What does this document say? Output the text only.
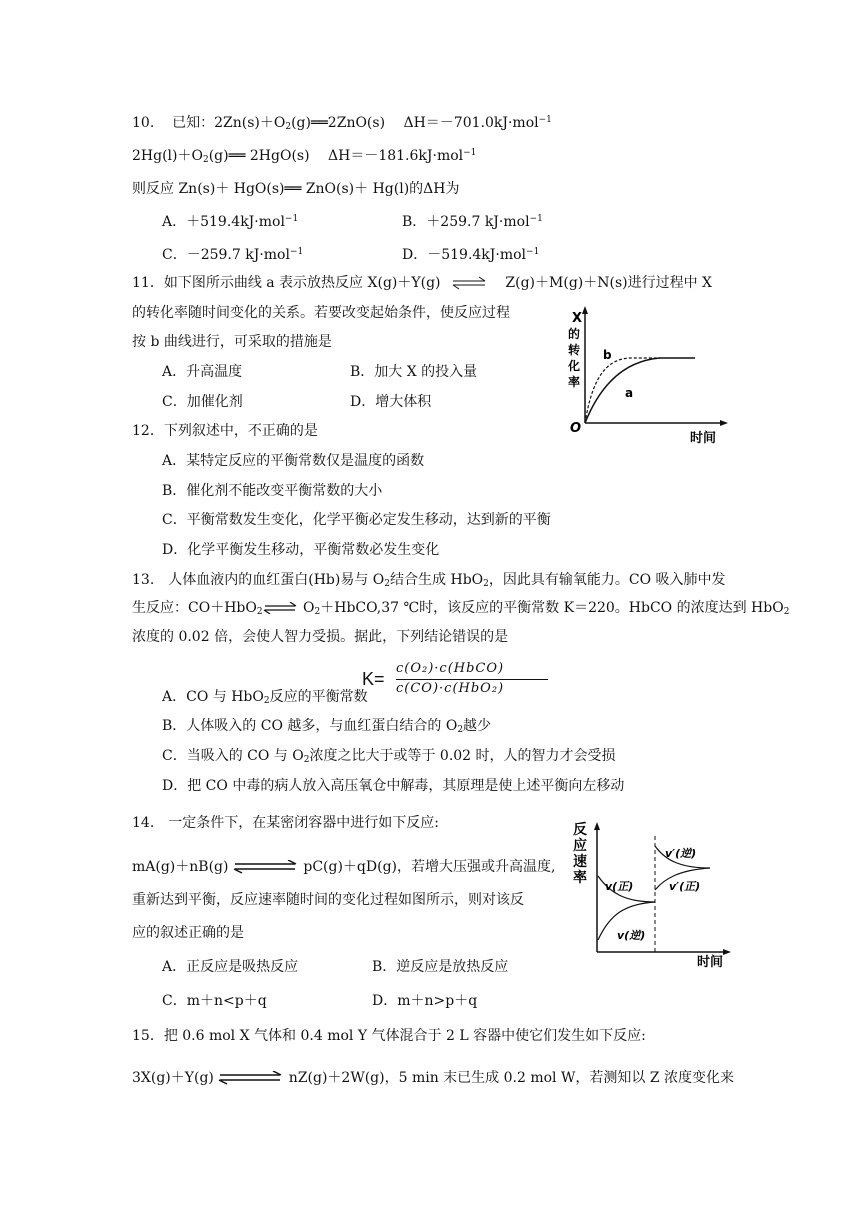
10. 已知：$2Zn(s)+O_2(g)══2ZnO(s)$　 ΔH＝－701.0kJ·mol$^{-1}$
$2Hg(l)+O_2(g)══$ 2HgO(s)　 ΔH＝－181.6kJ·mol$^{-1}$
则反应 Zn(s)＋ HgO(s)══ ZnO(s)＋ Hg(l)的ΔH为
A．＋519.4kJ·mol$^{-1}$	B．＋259.7 kJ·mol$^{-1}$
C．－259.7 kJ·mol$^{-1}$	D．－519.4kJ·mol$^{-1}$
11．如下图所示曲线 a 表示放热反应 X(g)＋Y(g) ⇌ Z(g)＋M(g)＋N(s)进行过程中 X
的转化率随时间变化的关系。若要改变起始条件，使反应过程
按 b 曲线进行，可采取的措施是
A．升高温度	B．加大 X 的投入量
C．加催化剂	D．增大体积
X
的
转
化
率
O
时间
a
b
12．下列叙述中，不正确的是
A．某特定反应的平衡常数仅是温度的函数
B．催化剂不能改变平衡常数的大小
C．平衡常数发生变化，化学平衡必定发生移动，达到新的平衡
D．化学平衡发生移动，平衡常数必发生变化
13.　人体血液内的血红蛋白(Hb)易与 $O_2$结合生成 HbO$_2$，因此具有输氧能力。CO 吸入肺中发
生反应：CO＋HbO$_2$⇌ $O_2+HbCO,37$ ℃时，该反应的平衡常数 K＝220。HbCO 的浓度达到 HbO$_2$
浓度的 0.02 倍，会使人智力受损。据此，下列结论错误的是
K=
c(O₂)·c(HbCO)
c(CO)·c(HbO₂)
A．CO 与 HbO$_2$反应的平衡常数
B．人体吸入的 CO 越多，与血红蛋白结合的 $O_2$越少
C．当吸入的 CO 与 $O_2$浓度之比大于或等于 0.02 时，人的智力才会受损
D．把 CO 中毒的病人放入高压氧仓中解毒，其原理是使上述平衡向左移动
14.　一定条件下，在某密闭容器中进行如下反应:
mA(g)＋nB(g)	pC(g)＋qD(g)，若增大压强或升高温度,
重新达到平衡，反应速率随时间的变化过程如图所示，则对该反
应的叙述正确的是
A．正反应是吸热反应	B．逆反应是放热反应
C．m＋n<p＋q	D．m＋n>p＋q
反
应
速
率
时间
v(正)
v(逆)
v′(逆)
v′(正)
15．把 0.6 mol X 气体和 0.4 mol Y 气体混合于 2 L 容器中使它们发生如下反应:
3X(g)＋Y(g)	nZ(g)＋2W(g)，5 min 末已生成 0.2 mol W，若测知以 Z 浓度变化来
